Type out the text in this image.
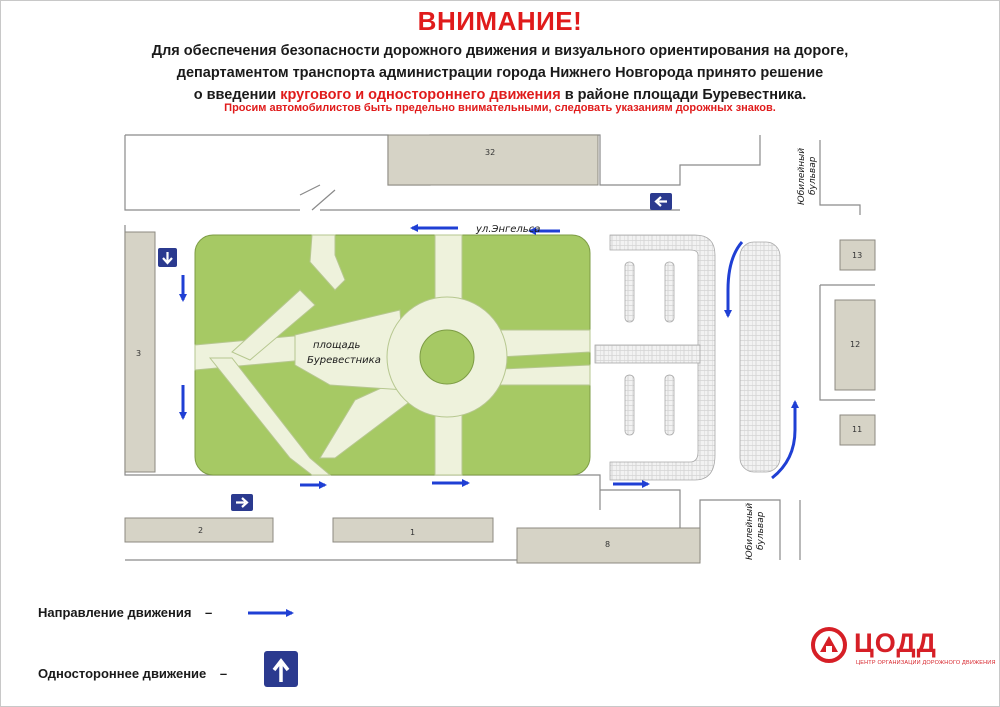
ВНИМАНИЕ!
Для обеспечения безопасности дорожного движения и визуального ориентирования на дороге,
департаментом транспорта администрации города Нижнего Новгорода принято решение
о введении кругового и одностороннего движения в районе площади Буревестника.
Просим автомобилистов быть предельно внимательными, следовать указаниям дорожных знаков.
ул.Энгельса
площадь
Буревестника
Юбилейный бульвар
Юбилейный бульвар
32
3
2	1
8
13
12
11
Направление движения –
Одностороннее движение –
ЦОДД
ЦЕНТР ОРГАНИЗАЦИИ ДОРОЖНОГО ДВИЖЕНИЯ
